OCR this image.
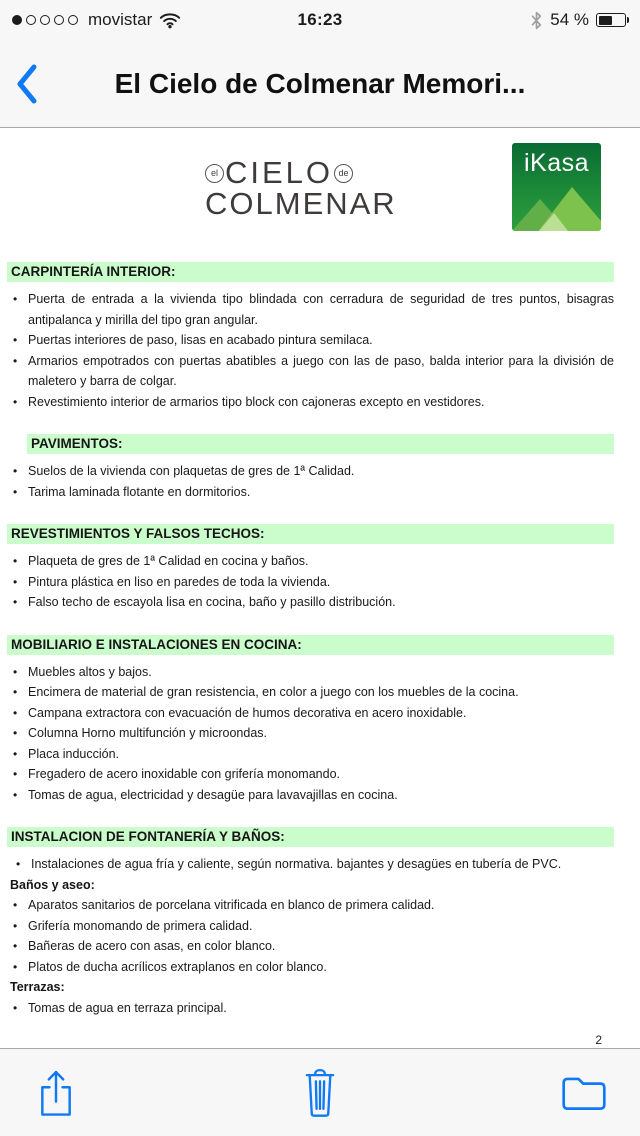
movistar	16:23	54 %
El Cielo de Colmenar Memori...
el CIELO de
COLMENAR
iKasa
CARPINTERÍA INTERIOR:
• Puerta de entrada a la vivienda tipo blindada con cerradura de seguridad de tres puntos, bisagras antipalanca y mirilla del tipo gran angular.
• Puertas interiores de paso, lisas en acabado pintura semilaca.
• Armarios empotrados con puertas abatibles a juego con las de paso, balda interior para la división de maletero y barra de colgar.
• Revestimiento interior de armarios tipo block con cajoneras excepto en vestidores.
PAVIMENTOS:
• Suelos de la vivienda con plaquetas de gres de 1ª Calidad.
• Tarima laminada flotante en dormitorios.
REVESTIMIENTOS Y FALSOS TECHOS:
• Plaqueta de gres de 1ª Calidad en cocina y baños.
• Pintura plástica en liso en paredes de toda la vivienda.
• Falso techo de escayola lisa en cocina, baño y pasillo distribución.
MOBILIARIO E INSTALACIONES EN COCINA:
• Muebles altos y bajos.
• Encimera de material de gran resistencia, en color a juego con los muebles de la cocina.
• Campana extractora con evacuación de humos decorativa en acero inoxidable.
• Columna Horno multifunción y microondas.
• Placa inducción.
• Fregadero de acero inoxidable con grifería monomando.
• Tomas de agua, electricidad y desagüe para lavavajillas en cocina.
INSTALACION DE FONTANERÍA Y BAÑOS:
• Instalaciones de agua fría y caliente, según normativa. bajantes y desagües en tubería de PVC.
Baños y aseo:
• Aparatos sanitarios de porcelana vitrificada en blanco de primera calidad.
• Grifería monomando de primera calidad.
• Bañeras de acero con asas, en color blanco.
• Platos de ducha acrílicos extraplanos en color blanco.
Terrazas:
• Tomas de agua en terraza principal.
2
